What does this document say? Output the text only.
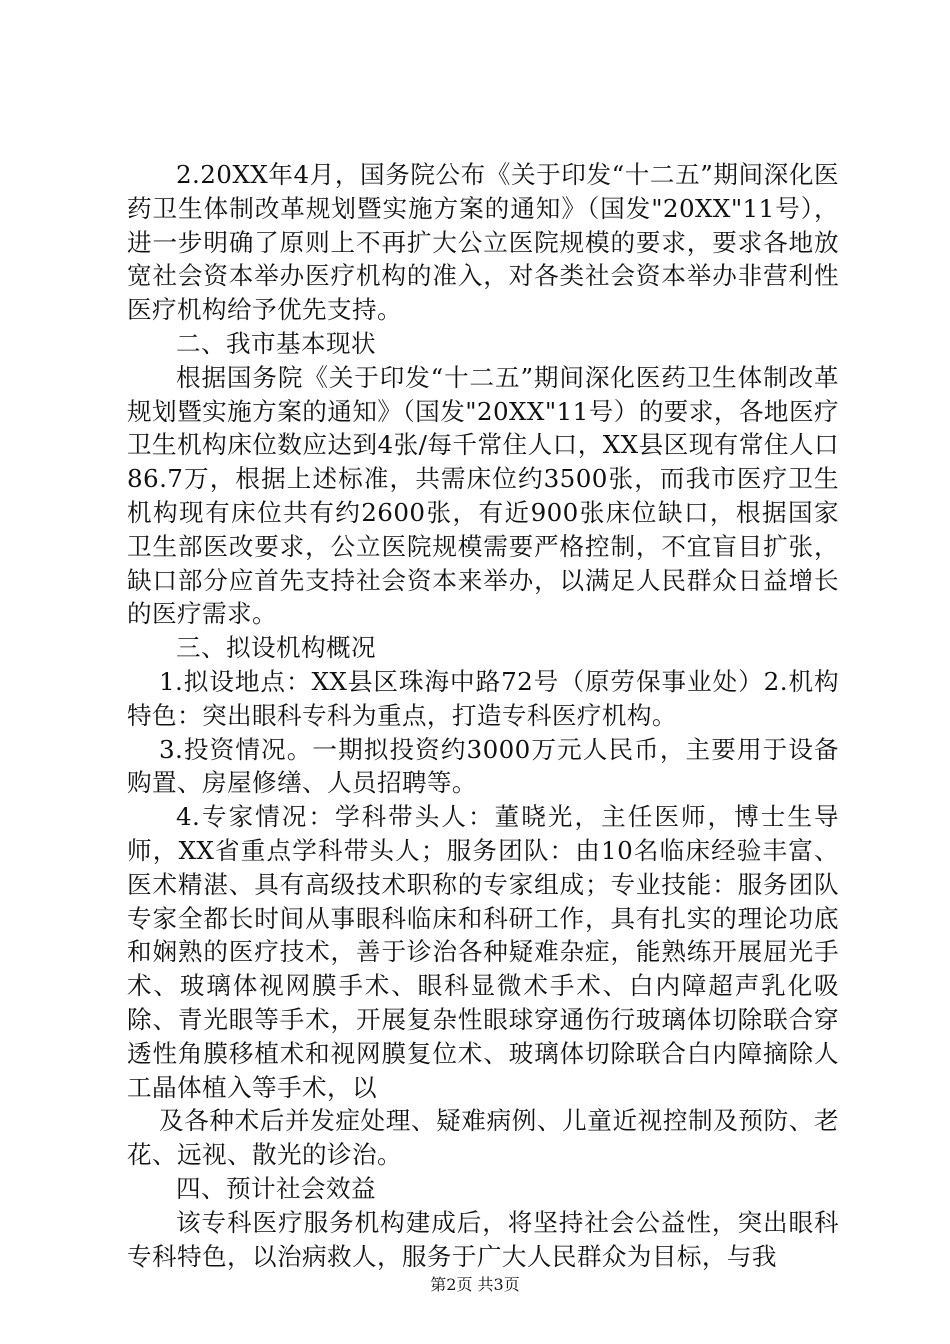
2.20XX年4月，国务院公布《关于印发“十二五”期间深化医药卫生体制改革规划暨实施方案的通知》（国发"20XX"11号），进一步明确了原则上不再扩大公立医院规模的要求，要求各地放宽社会资本举办医疗机构的准入，对各类社会资本举办非营利性医疗机构给予优先支持。

二、我市基本现状

根据国务院《关于印发“十二五”期间深化医药卫生体制改革规划暨实施方案的通知》（国发"20XX"11号）的要求，各地医疗卫生机构床位数应达到4张/每千常住人口，XX县区现有常住人口86.7万，根据上述标准，共需床位约3500张，而我市医疗卫生机构现有床位共有约2600张，有近900张床位缺口，根据国家卫生部医改要求，公立医院规模需要严格控制，不宜盲目扩张，缺口部分应首先支持社会资本来举办，以满足人民群众日益增长的医疗需求。

三、拟设机构概况

1.拟设地点：XX县区珠海中路72号（原劳保事业处）2.机构特色：突出眼科专科为重点，打造专科医疗机构。

3.投资情况。一期拟投资约3000万元人民币，主要用于设备购置、房屋修缮、人员招聘等。

4.专家情况：学科带头人：董晓光，主任医师，博士生导师，XX省重点学科带头人；服务团队：由10名临床经验丰富、医术精湛、具有高级技术职称的专家组成；专业技能：服务团队专家全都长时间从事眼科临床和科研工作，具有扎实的理论功底和娴熟的医疗技术，善于诊治各种疑难杂症，能熟练开展屈光手术、玻璃体视网膜手术、眼科显微术手术、白内障超声乳化吸除、青光眼等手术，开展复杂性眼球穿通伤行玻璃体切除联合穿透性角膜移植术和视网膜复位术、玻璃体切除联合白内障摘除人工晶体植入等手术，以

及各种术后并发症处理、疑难病例、儿童近视控制及预防、老花、远视、散光的诊治。

四、预计社会效益

该专科医疗服务机构建成后，将坚持社会公益性，突出眼科专科特色，以治病救人，服务于广大人民群众为目标，与我

第2页 共3页
